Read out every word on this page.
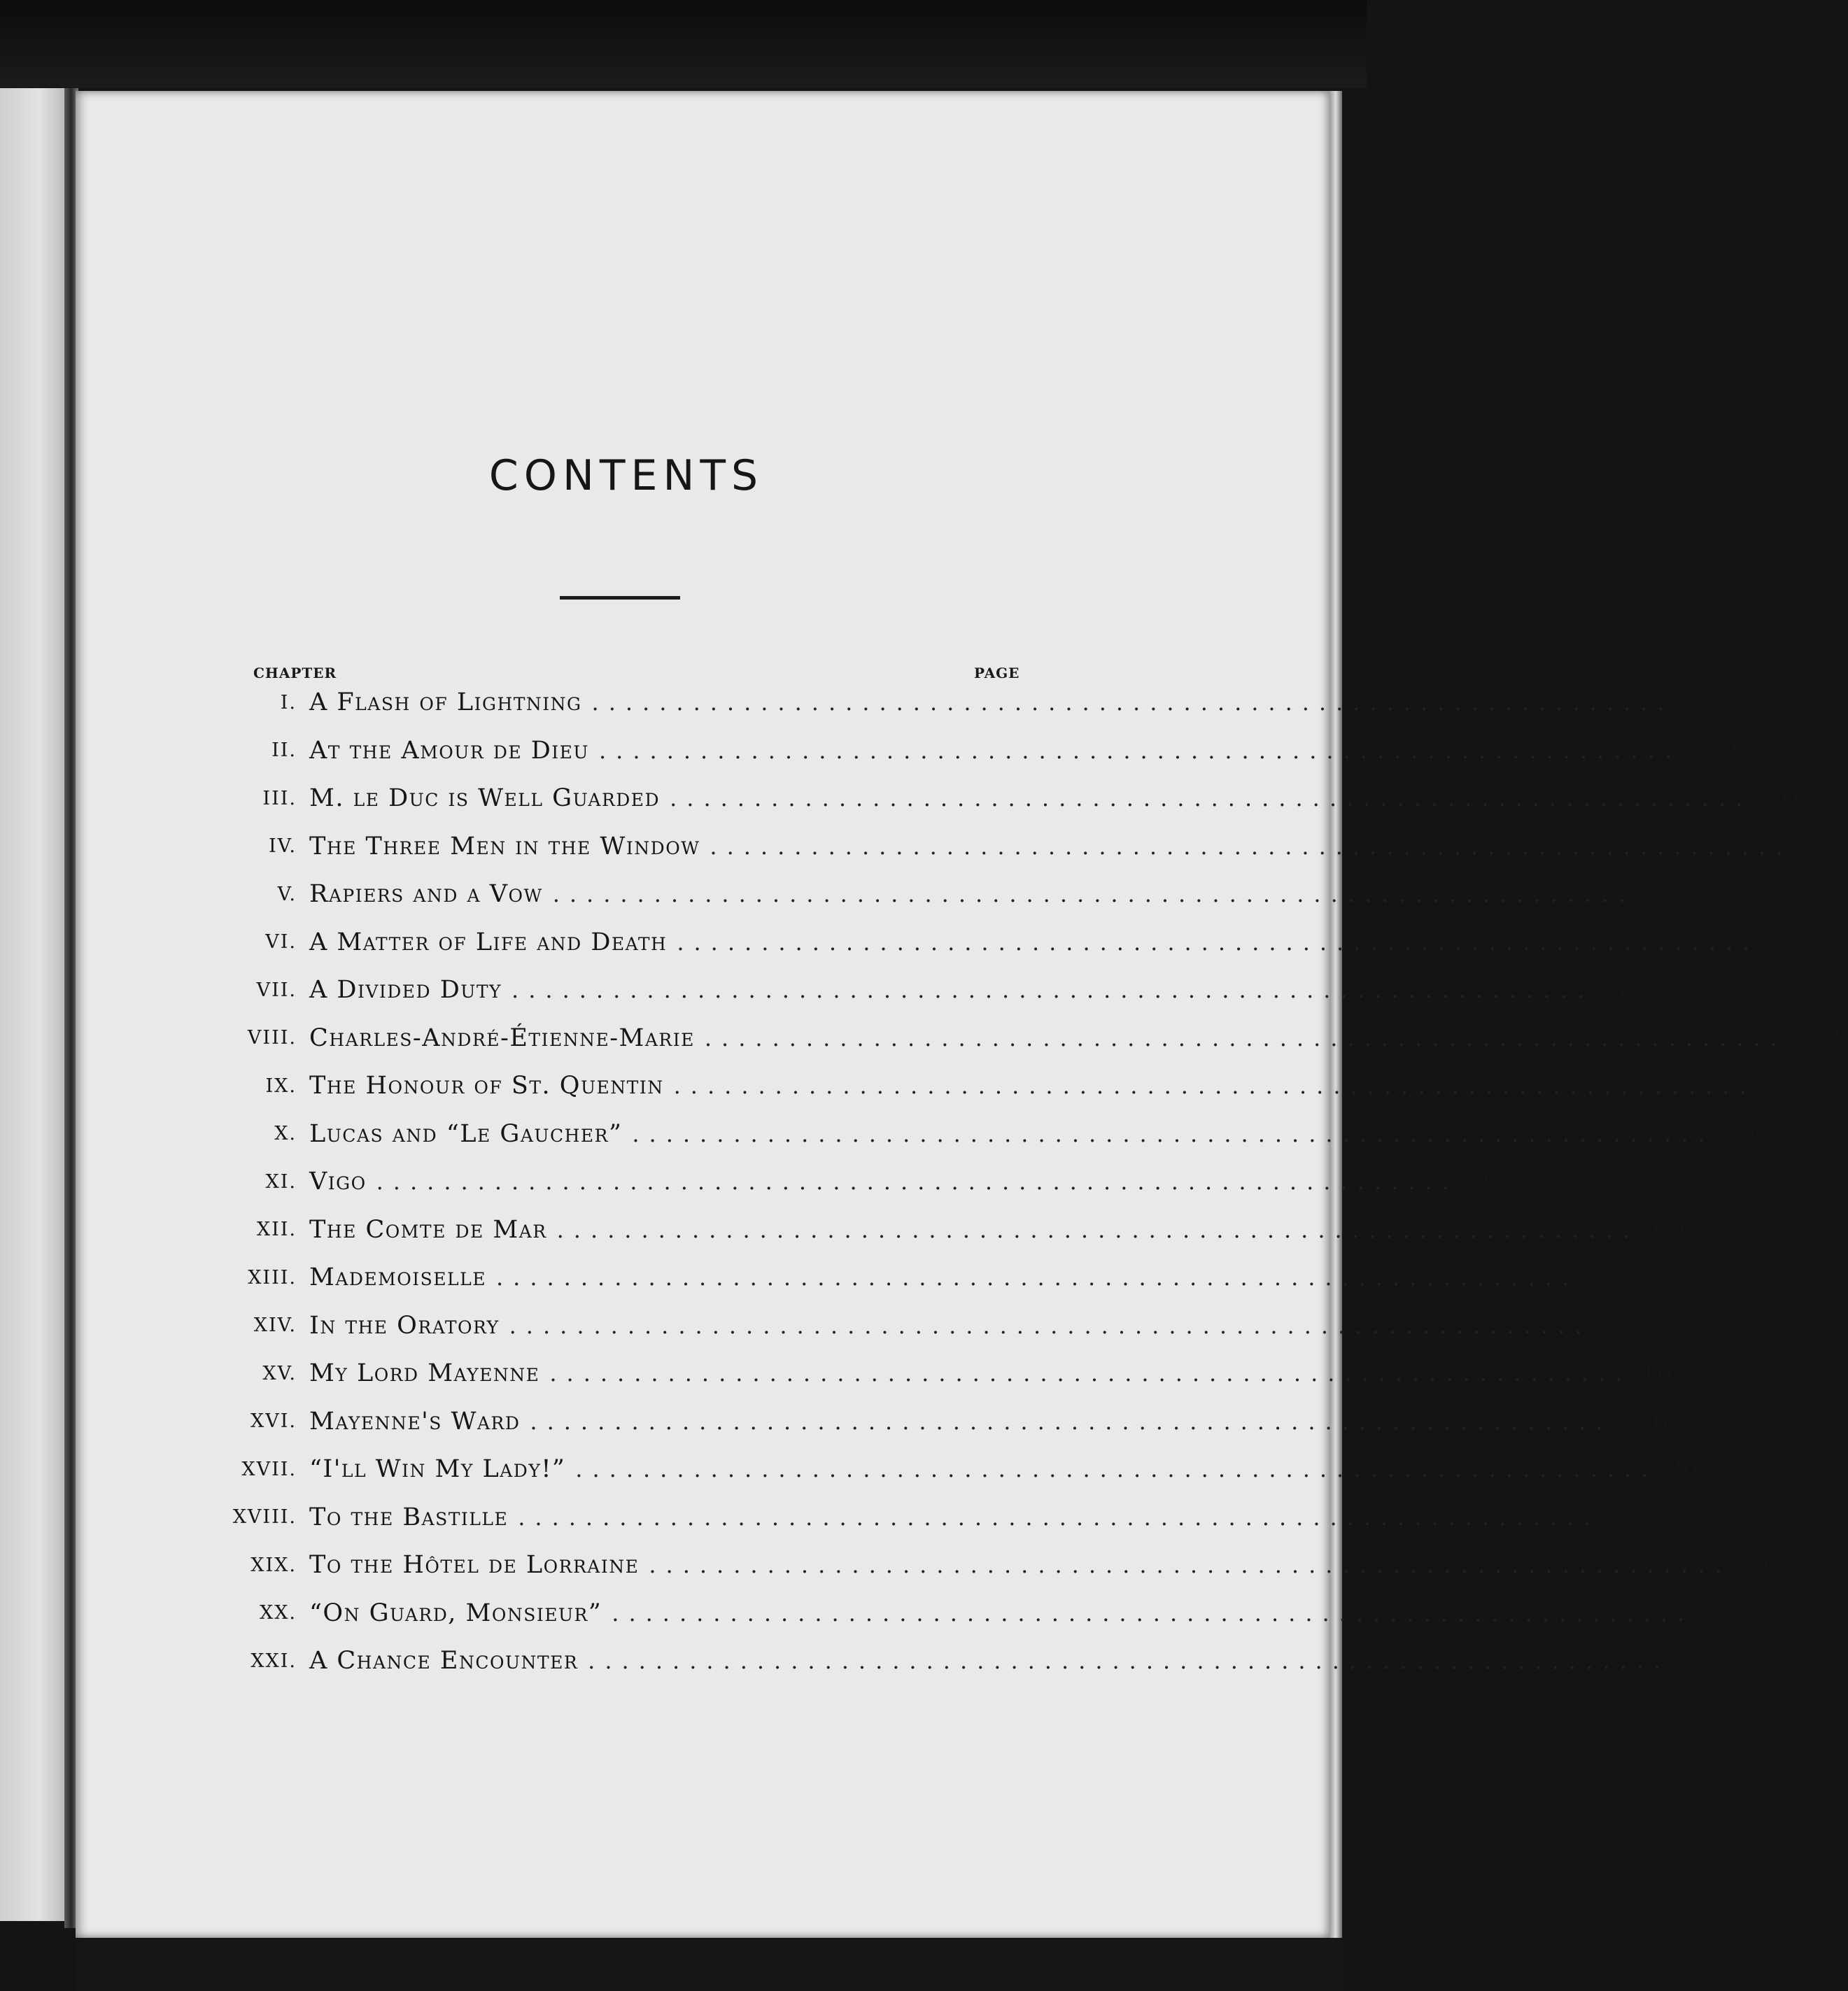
CONTENTS
CHAPTER	PAGE
I. A Flash of Lightning ................................................................	3
II. At the Amour de Dieu ................................................................	9
III. M. le Duc is Well Guarded ................................................................	16
IV. The Three Men in the Window ................................................................	27
V. Rapiers and a Vow ................................................................	37
VI. A Matter of Life and Death ................................................................	51
VII. A Divided Duty ................................................................	62
VIII. Charles-André-Étienne-Marie ................................................................	74
IX. The Honour of St. Quentin ................................................................	85
X. Lucas and “Le Gaucher” ................................................................	96
XI. Vigo ................................................................ 107
XII. The Comte de Mar ................................................................ 120
XIII. Mademoiselle ................................................................ 134
XIV. In the Oratory ................................................................ 153
XV. My Lord Mayenne ................................................................ 167
XVI. Mayenne's Ward ................................................................ 186
XVII. “I'll Win My Lady!” ................................................................ 203
XVIII. To the Bastille ................................................................ 222
XIX. To the Hôtel de Lorraine ................................................................ 241
XX. “On Guard, Monsieur” ................................................................ 251
XXI. A Chance Encounter ................................................................ 266
